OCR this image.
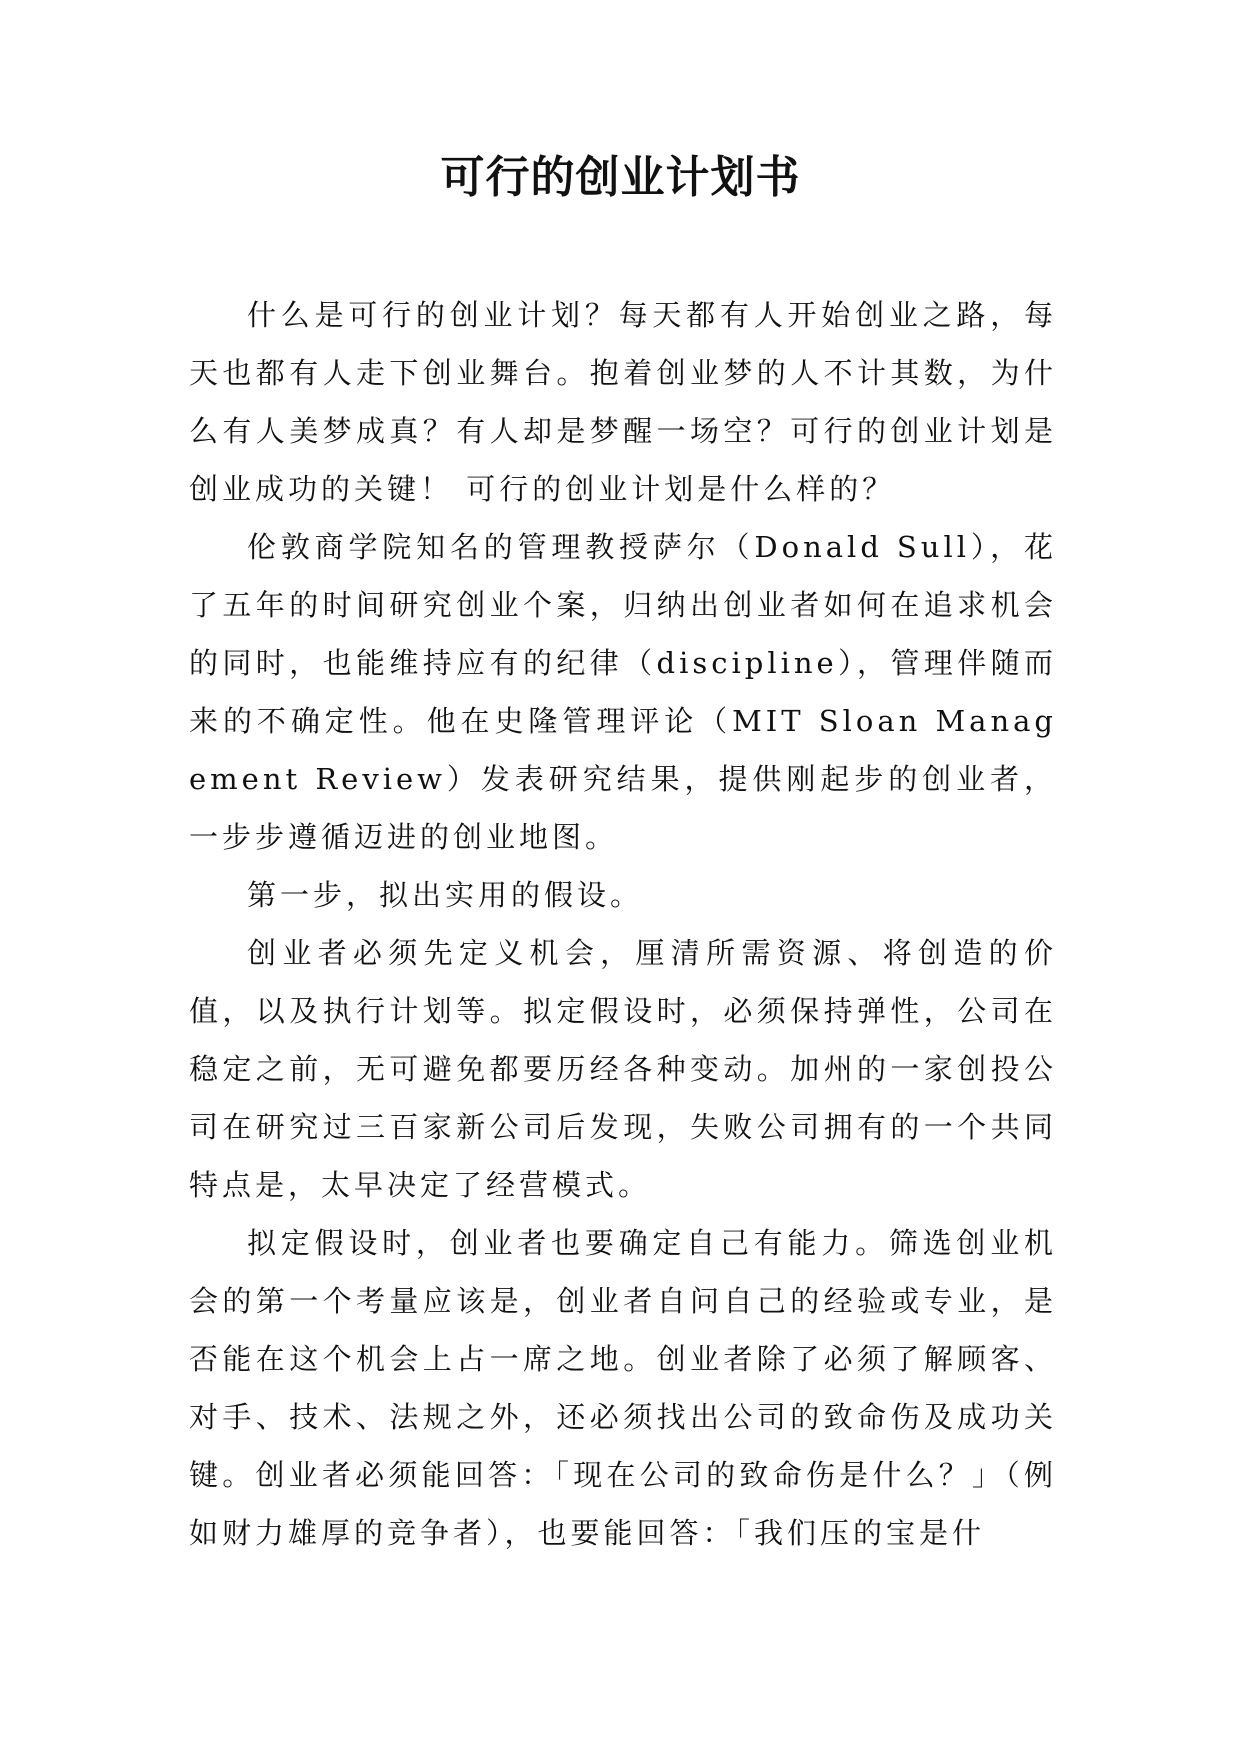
可行的创业计划书

什么是可行的创业计划？每天都有人开始创业之路，每天也都有人走下创业舞台。抱着创业梦的人不计其数，为什么有人美梦成真？有人却是梦醒一场空？可行的创业计划是创业成功的关键！ 可行的创业计划是什么样的？

伦敦商学院知名的管理教授萨尔（Donald Sull），花了五年的时间研究创业个案，归纳出创业者如何在追求机会的同时，也能维持应有的纪律（discipline），管理伴随而来的不确定性。他在史隆管理评论（MIT Sloan Management Review）发表研究结果，提供刚起步的创业者，一步步遵循迈进的创业地图。

第一步，拟出实用的假设。

创业者必须先定义机会，厘清所需资源、将创造的价值，以及执行计划等。拟定假设时，必须保持弹性，公司在稳定之前，无可避免都要历经各种变动。加州的一家创投公司在研究过三百家新公司后发现，失败公司拥有的一个共同特点是，太早决定了经营模式。

拟定假设时，创业者也要确定自己有能力。筛选创业机会的第一个考量应该是，创业者自问自己的经验或专业，是否能在这个机会上占一席之地。创业者除了必须了解顾客、对手、技术、法规之外，还必须找出公司的致命伤及成功关键。创业者必须能回答：「现在公司的致命伤是什么？」（例如财力雄厚的竞争者），也要能回答：「我们压的宝是什
